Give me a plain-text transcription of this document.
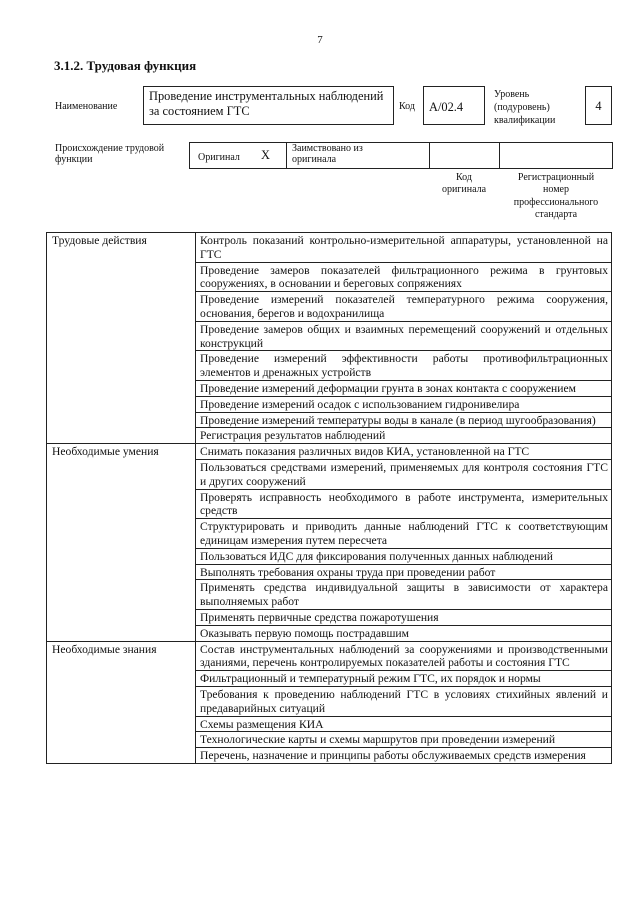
7
3.1.2. Трудовая функция
Наименование
Проведение инструментальных наблюдений за состоянием ГТС	Код	A/02.4
Уровень
(подуровень)
квалификации
4
Происхождение трудовой
функции	Оригинал X Заимствовано из
оригинала
Код
оригинала
Регистрационный
номер
профессионального
стандарта
Трудовые действия	Контроль показаний контрольно-измерительной аппаратуры, установленной на ГТС
	Проведение замеров показателей фильтрационного режима в грунтовых сооружениях, в основании и береговых сопряжениях
	Проведение измерений показателей температурного режима сооружения, основания, берегов и водохранилища
	Проведение замеров общих и взаимных перемещений сооружений и отдельных конструкций
	Проведение измерений эффективности работы противофильтрационных элементов и дренажных устройств
	Проведение измерений деформации грунта в зонах контакта с сооружением
	Проведение измерений осадок с использованием гидронивелира
	Проведение измерений температуры воды в канале (в период шугообразования)
	Регистрация результатов наблюдений
Необходимые умения	Снимать показания различных видов КИА, установленной на ГТС
	Пользоваться средствами измерений, применяемых для контроля состояния ГТС и других сооружений
	Проверять исправность необходимого в работе инструмента, измерительных средств
	Структурировать и приводить данные наблюдений ГТС к соответствующим единицам измерения путем пересчета
	Пользоваться ИДС для фиксирования полученных данных наблюдений
	Выполнять требования охраны труда при проведении работ
	Применять средства индивидуальной защиты в зависимости от характера выполняемых работ
	Применять первичные средства пожаротушения
	Оказывать первую помощь пострадавшим
Необходимые знания	Состав инструментальных наблюдений за сооружениями и производственными зданиями, перечень контролируемых показателей работы и состояния ГТС
	Фильтрационный и температурный режим ГТС, их порядок и нормы
	Требования к проведению наблюдений ГТС в условиях стихийных явлений и предаварийных ситуаций
	Схемы размещения КИА
	Технологические карты и схемы маршрутов при проведении измерений
	Перечень, назначение и принципы работы обслуживаемых средств измерения
